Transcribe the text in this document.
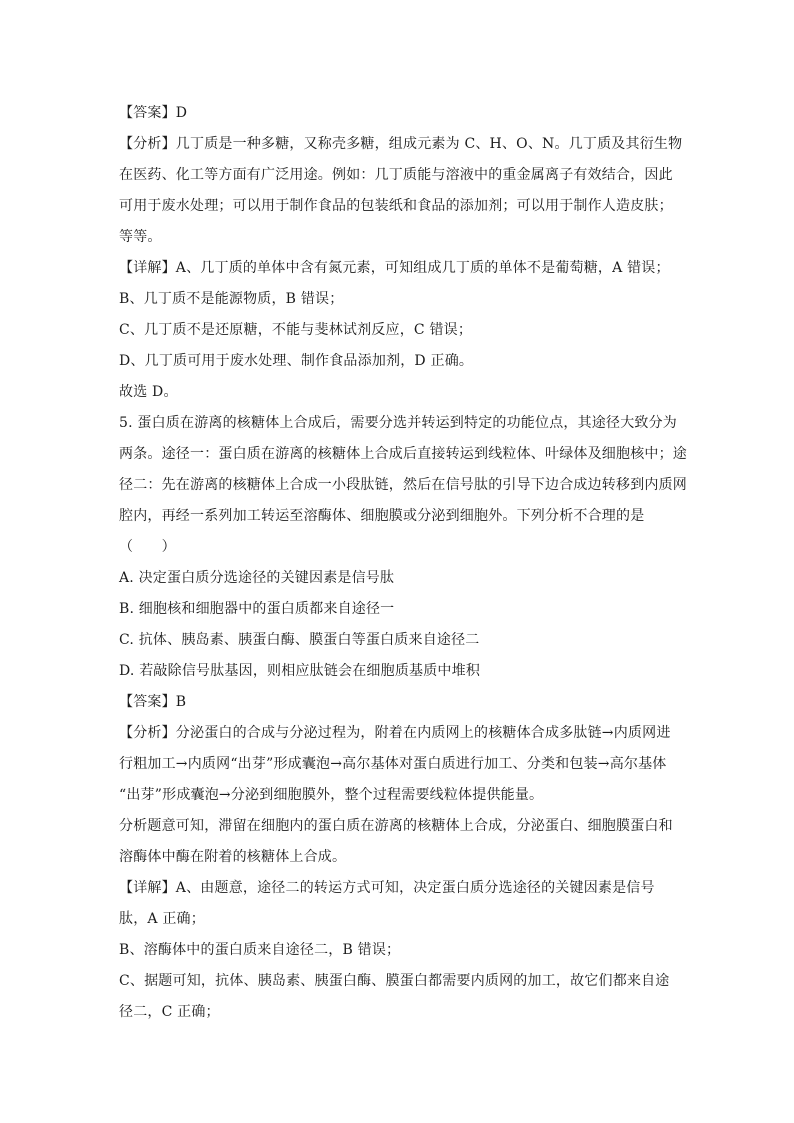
【答案】D
【分析】几丁质是一种多糖，又称壳多糖，组成元素为 C、H、O、N。几丁质及其衍生物
在医药、化工等方面有广泛用途。例如：几丁质能与溶液中的重金属离子有效结合，因此
可用于废水处理；可以用于制作食品的包装纸和食品的添加剂；可以用于制作人造皮肤；
等等。
【详解】A、几丁质的单体中含有氮元素，可知组成几丁质的单体不是葡萄糖，A 错误；
B、几丁质不是能源物质，B 错误；
C、几丁质不是还原糖，不能与斐林试剂反应，C 错误；
D、几丁质可用于废水处理、制作食品添加剂，D 正确。
故选 D。
5. 蛋白质在游离的核糖体上合成后，需要分选并转运到特定的功能位点，其途径大致分为
两条。途径一：蛋白质在游离的核糖体上合成后直接转运到线粒体、叶绿体及细胞核中；途
径二：先在游离的核糖体上合成一小段肽链，然后在信号肽的引导下边合成边转移到内质网
腔内，再经一系列加工转运至溶酶体、细胞膜或分泌到细胞外。下列分析不合理的是
（　　）
A. 决定蛋白质分选途径的关键因素是信号肽
B. 细胞核和细胞器中的蛋白质都来自途径一
C. 抗体、胰岛素、胰蛋白酶、膜蛋白等蛋白质来自途径二
D. 若敲除信号肽基因，则相应肽链会在细胞质基质中堆积
【答案】B
【分析】分泌蛋白的合成与分泌过程为，附着在内质网上的核糖体合成多肽链→内质网进
行粗加工→内质网“出芽”形成囊泡→高尔基体对蛋白质进行加工、分类和包装→高尔基体
“出芽”形成囊泡→分泌到细胞膜外，整个过程需要线粒体提供能量。
分析题意可知，滞留在细胞内的蛋白质在游离的核糖体上合成，分泌蛋白、细胞膜蛋白和
溶酶体中酶在附着的核糖体上合成。
【详解】A、由题意，途径二的转运方式可知，决定蛋白质分选途径的关键因素是信号
肽，A 正确；
B、溶酶体中的蛋白质来自途径二，B 错误；
C、据题可知，抗体、胰岛素、胰蛋白酶、膜蛋白都需要内质网的加工，故它们都来自途
径二，C 正确；
